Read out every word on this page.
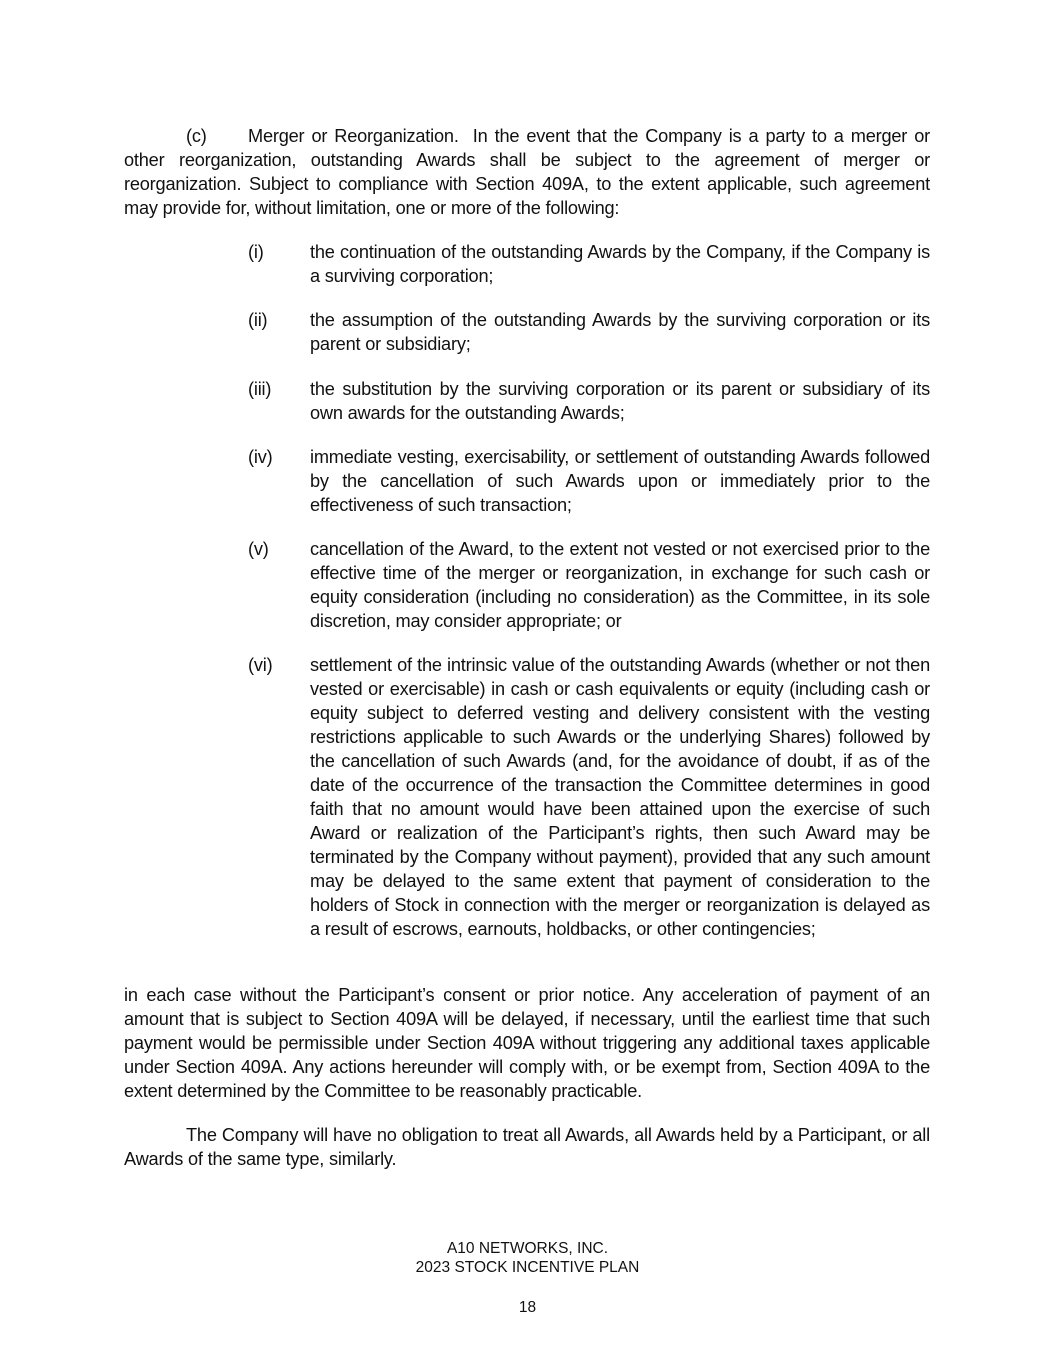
(c) Merger or Reorganization. In the event that the Company is a party to a merger or other reorganization, outstanding Awards shall be subject to the agreement of merger or reorganization. Subject to compliance with Section 409A, to the extent applicable, such agreement may provide for, without limitation, one or more of the following:
(i)	the continuation of the outstanding Awards by the Company, if the Company is a surviving corporation;
(ii)	the assumption of the outstanding Awards by the surviving corporation or its parent or subsidiary;
(iii)	the substitution by the surviving corporation or its parent or subsidiary of its own awards for the outstanding Awards;
(iv)	immediate vesting, exercisability, or settlement of outstanding Awards followed by the cancellation of such Awards upon or immediately prior to the effectiveness of such transaction;
(v)	cancellation of the Award, to the extent not vested or not exercised prior to the effective time of the merger or reorganization, in exchange for such cash or equity consideration (including no consideration) as the Committee, in its sole discretion, may consider appropriate; or
(vi)	settlement of the intrinsic value of the outstanding Awards (whether or not then vested or exercisable) in cash or cash equivalents or equity (including cash or equity subject to deferred vesting and delivery consistent with the vesting restrictions applicable to such Awards or the underlying Shares) followed by the cancellation of such Awards (and, for the avoidance of doubt, if as of the date of the occurrence of the transaction the Committee determines in good faith that no amount would have been attained upon the exercise of such Award or realization of the Participant’s rights, then such Award may be terminated by the Company without payment), provided that any such amount may be delayed to the same extent that payment of consideration to the holders of Stock in connection with the merger or reorganization is delayed as a result of escrows, earnouts, holdbacks, or other contingencies;
in each case without the Participant’s consent or prior notice. Any acceleration of payment of an amount that is subject to Section 409A will be delayed, if necessary, until the earliest time that such payment would be permissible under Section 409A without triggering any additional taxes applicable under Section 409A. Any actions hereunder will comply with, or be exempt from, Section 409A to the extent determined by the Committee to be reasonably practicable.
The Company will have no obligation to treat all Awards, all Awards held by a Participant, or all Awards of the same type, similarly.
A10 NETWORKS, INC.
2023 STOCK INCENTIVE PLAN
18
